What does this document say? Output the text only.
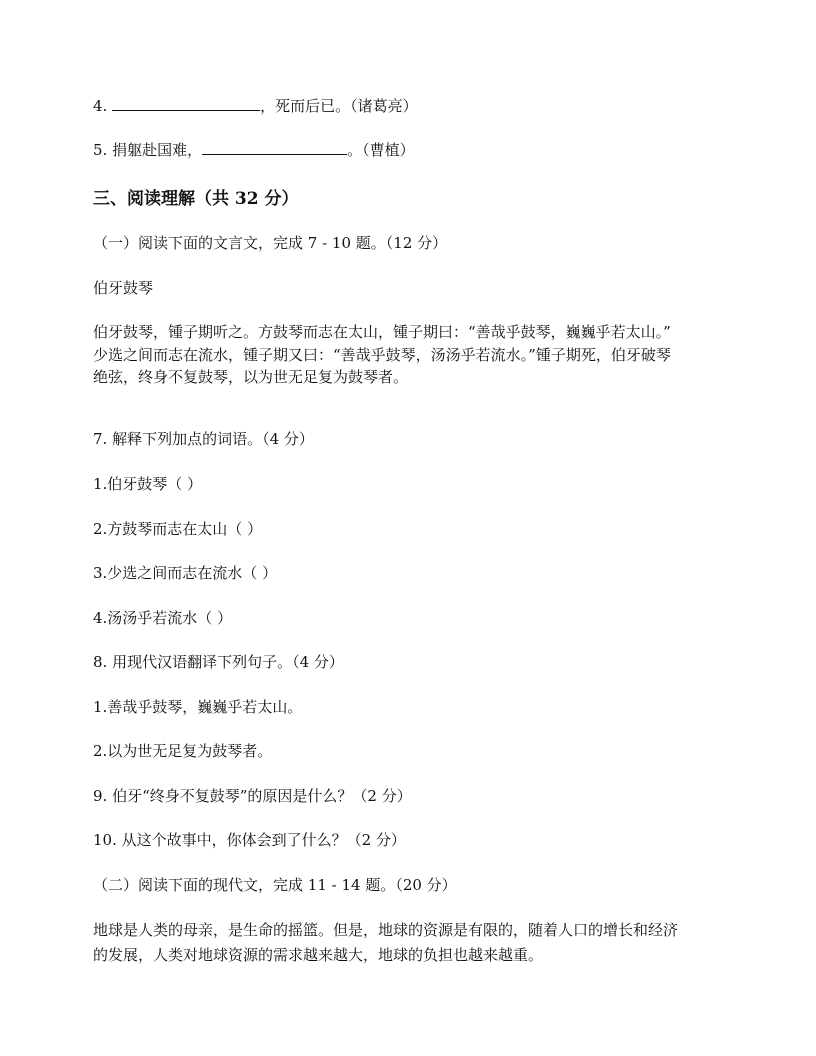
4.	，死而后已。（诸葛亮）
5. 捐躯赴国难，	。（曹植）
三、阅读理解（共 32 分）
（一）阅读下面的文言文，完成 7 - 10 题。（12 分）
伯牙鼓琴
伯牙鼓琴，锺子期听之。方鼓琴而志在太山，锺子期曰：“善哉乎鼓琴，巍巍乎若太山。”
少选之间而志在流水，锺子期又曰：“善哉乎鼓琴，汤汤乎若流水。”锺子期死，伯牙破琴
绝弦，终身不复鼓琴，以为世无足复为鼓琴者。
7. 解释下列加点的词语。（4 分）
1.伯牙鼓琴（ ）
2.方鼓琴而志在太山（ ）
3.少选之间而志在流水（ ）
4.汤汤乎若流水（ ）
8. 用现代汉语翻译下列句子。（4 分）
1.善哉乎鼓琴，巍巍乎若太山。
2.以为世无足复为鼓琴者。
9. 伯牙“终身不复鼓琴”的原因是什么？（2 分）
10. 从这个故事中，你体会到了什么？（2 分）
（二）阅读下面的现代文，完成 11 - 14 题。（20 分）
地球是人类的母亲，是生命的摇篮。但是，地球的资源是有限的，随着人口的增长和经济
的发展，人类对地球资源的需求越来越大，地球的负担也越来越重。
